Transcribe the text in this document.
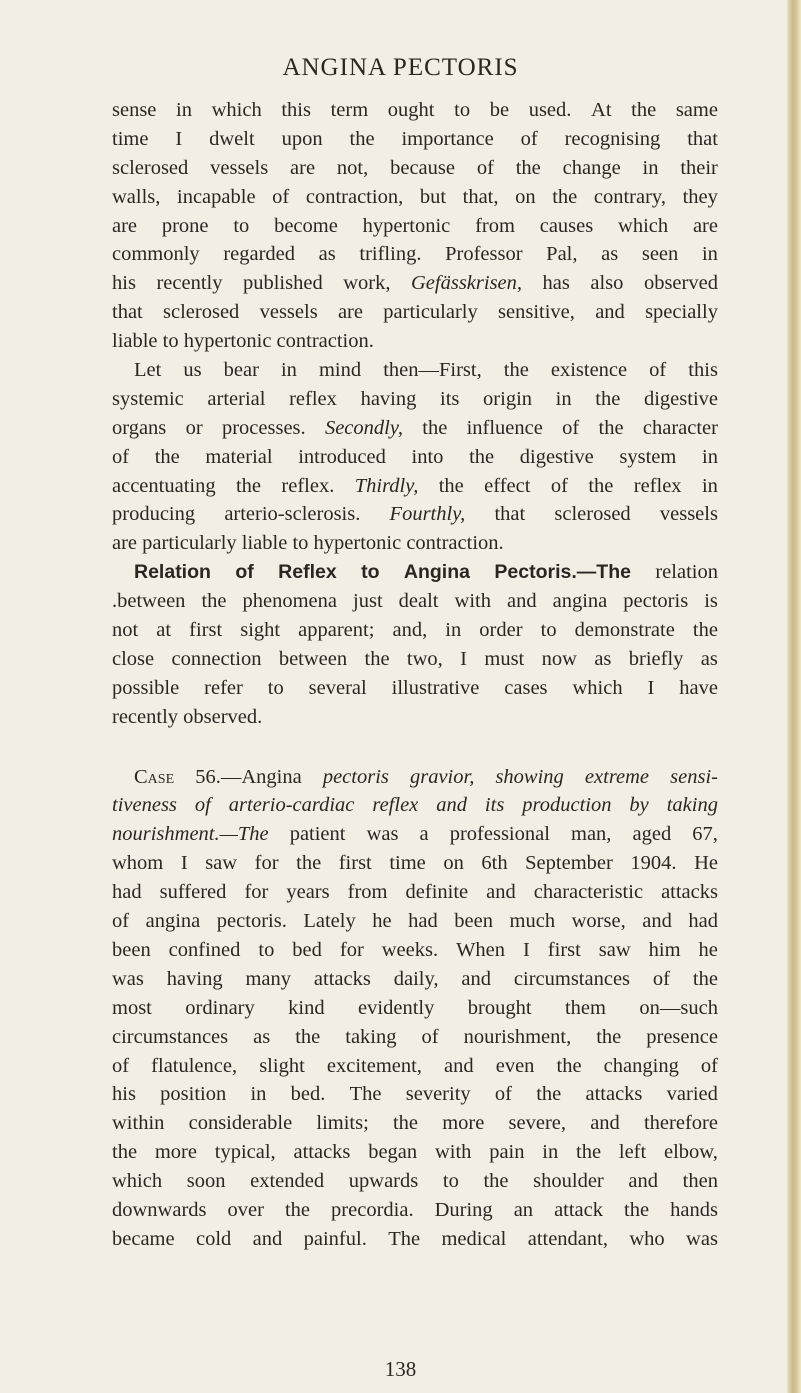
ANGINA PECTORIS
sense in which this term ought to be used. At the same
time I dwelt upon the importance of recognising that
sclerosed vessels are not, because of the change in their
walls, incapable of contraction, but that, on the contrary, they
are prone to become hypertonic from causes which are
commonly regarded as trifling. Professor Pal, as seen in
his recently published work, Gefässkrisen, has also observed
that sclerosed vessels are particularly sensitive, and specially
liable
to
hypertonic
contraction.
Let us bear in mind then—First, the existence of this
systemic arterial reflex having its origin in the digestive
organs or processes. Secondly, the influence of the character
of the material introduced into the digestive system in
accentuating the reflex. Thirdly, the effect of the reflex in
producing arterio-sclerosis. Fourthly, that sclerosed vessels
are
particularly
liable
to
hypertonic
contraction.
Relation of Reflex to Angina Pectoris.—The relation
.between the phenomena just dealt with and angina pectoris is
not at first sight apparent; and, in order to demonstrate the
close connection between the two, I must now as briefly as
possible refer to several illustrative cases which I have
recently
observed.
Case 56.—Angina pectoris gravior, showing extreme sensi-
tiveness of arterio-cardiac reflex and its production by taking
nourishment.—The patient was a professional man, aged 67,
whom I saw for the first time on 6th September 1904. He
had suffered for years from definite and characteristic attacks
of angina pectoris. Lately he had been much worse, and had
been confined to bed for weeks. When I first saw him he
was having many attacks daily, and circumstances of the
most ordinary kind evidently brought them on—such
circumstances as the taking of nourishment, the presence
of flatulence, slight excitement, and even the changing of
his position in bed. The severity of the attacks varied
within considerable limits; the more severe, and therefore
the more typical, attacks began with pain in the left elbow,
which soon extended upwards to the shoulder and then
downwards over the precordia. During an attack the hands
became cold and painful. The medical attendant, who was

138
